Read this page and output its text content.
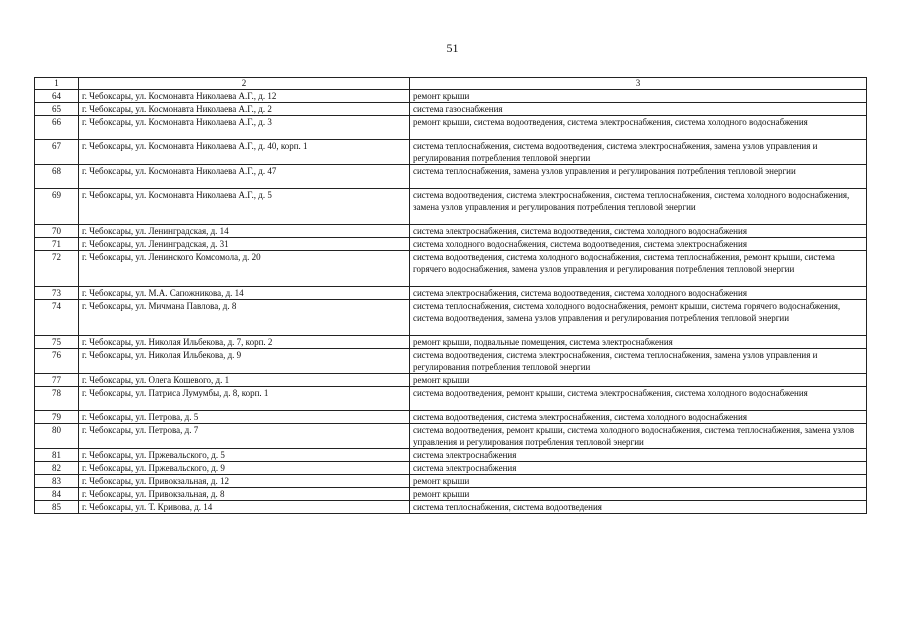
51
1	2	3
64	г. Чебоксары, ул. Космонавта Николаева А.Г., д. 12	ремонт крыши
65	г. Чебоксары, ул. Космонавта Николаева А.Г., д. 2	система газоснабжения
66	г. Чебоксары, ул. Космонавта Николаева А.Г., д. 3	ремонт крыши, система водоотведения, система электроснабжения, система холодного водоснабжения
67	г. Чебоксары, ул. Космонавта Николаева А.Г., д. 40, корп. 1	система теплоснабжения, система водоотведения, система электроснабжения, замена узлов управления и регулирования потребления тепловой энергии
68	г. Чебоксары, ул. Космонавта Николаева А.Г., д. 47	система теплоснабжения, замена узлов управления и регулирования потребления тепловой энергии
69	г. Чебоксары, ул. Космонавта Николаева А.Г., д. 5	система водоотведения, система электроснабжения, система теплоснабжения, система холодного водоснабжения, замена узлов управления и регулирования потребления тепловой энергии
70	г. Чебоксары, ул. Ленинградская, д. 14	система электроснабжения, система водоотведения, система холодного водоснабжения
71	г. Чебоксары, ул. Ленинградская, д. 31	система холодного водоснабжения, система водоотведения, система электроснабжения
72	г. Чебоксары, ул. Ленинского Комсомола, д. 20	система водоотведения, система холодного водоснабжения, система теплоснабжения, ремонт крыши, система горячего водоснабжения, замена узлов управления и регулирования потребления тепловой энергии
73	г. Чебоксары, ул. М.А. Сапожникова, д. 14	система электроснабжения, система водоотведения, система холодного водоснабжения
74	г. Чебоксары, ул. Мичмана Павлова, д. 8	система теплоснабжения, система холодного водоснабжения, ремонт крыши, система горячего водоснабжения, система водоотведения, замена узлов управления и регулирования потребления тепловой энергии
75	г. Чебоксары, ул. Николая Ильбекова, д. 7, корп. 2	ремонт крыши, подвальные помещения, система электроснабжения
76	г. Чебоксары, ул. Николая Ильбекова, д. 9	система водоотведения, система электроснабжения, система теплоснабжения, замена узлов управления и регулирования потребления тепловой энергии
77	г. Чебоксары, ул. Олега Кошевого, д. 1	ремонт крыши
78	г. Чебоксары, ул. Патриса Лумумбы, д. 8, корп. 1	система водоотведения, ремонт крыши, система электроснабжения, система холодного водоснабжения
79	г. Чебоксары, ул. Петрова, д. 5	система водоотведения, система электроснабжения, система холодного водоснабжения
80	г. Чебоксары, ул. Петрова, д. 7	система водоотведения, ремонт крыши, система холодного водоснабжения, система теплоснабжения, замена узлов управления и регулирования потребления тепловой энергии
81	г. Чебоксары, ул. Пржевальского, д. 5	система электроснабжения
82	г. Чебоксары, ул. Пржевальского, д. 9	система электроснабжения
83	г. Чебоксары, ул. Привокзальная, д. 12	ремонт крыши
84	г. Чебоксары, ул. Привокзальная, д. 8	ремонт крыши
85	г. Чебоксары, ул. Т. Кривова, д. 14	система теплоснабжения, система водоотведения
